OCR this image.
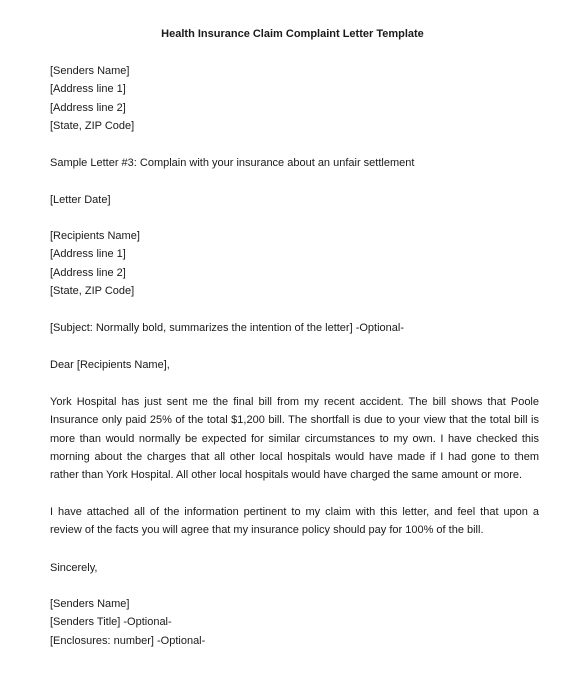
Health Insurance Claim Complaint Letter Template
[Senders Name]
[Address line 1]
[Address line 2]
[State, ZIP Code]
Sample Letter #3: Complain with your insurance about an unfair settlement
[Letter Date]
[Recipients Name]
[Address line 1]
[Address line 2]
[State, ZIP Code]
[Subject: Normally bold, summarizes the intention of the letter] -Optional-
Dear [Recipients Name],
York Hospital has just sent me the final bill from my recent accident. The bill shows that Poole Insurance only paid 25% of the total $1,200 bill. The shortfall is due to your view that the total bill is more than would normally be expected for similar circumstances to my own. I have checked this morning about the charges that all other local hospitals would have made if I had gone to them rather than York Hospital. All other local hospitals would have charged the same amount or more.
I have attached all of the information pertinent to my claim with this letter, and feel that upon a review of the facts you will agree that my insurance policy should pay for 100% of the bill.
Sincerely,
[Senders Name]
[Senders Title] -Optional-
[Enclosures: number] -Optional-
